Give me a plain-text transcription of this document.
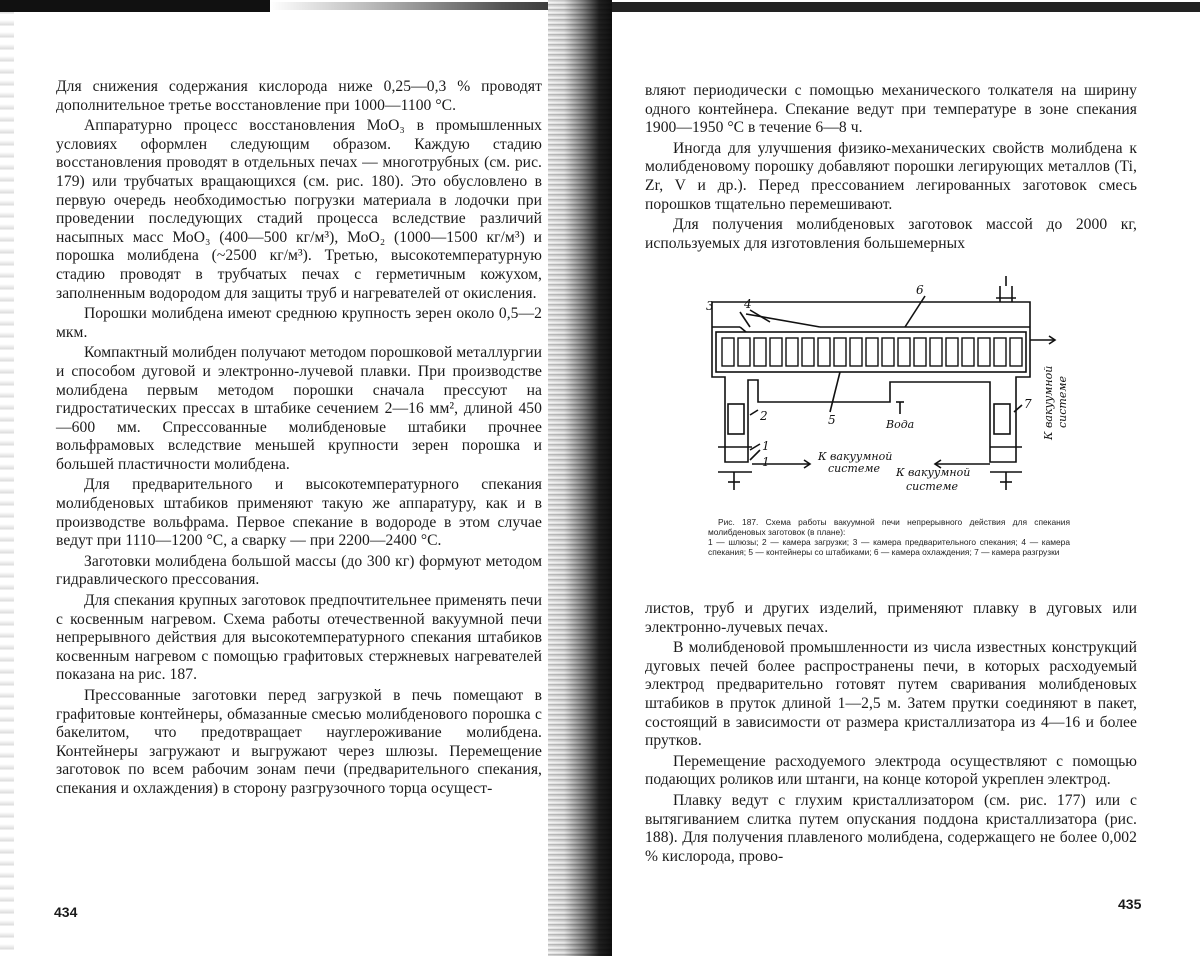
Для снижения содержания кислорода ниже 0,25—0,3 % проводят дополнительное третье восстановление при 1000—1100 °С.

Аппаратурно процесс восстановления МоО₃ в промышленных условиях оформлен следующим образом. Каждую стадию восстановления проводят в отдельных печах — многотрубных (см. рис. 179) или трубчатых вращающихся (см. рис. 180). Это обусловлено в первую очередь необходимостью погрузки материала в лодочки при проведении последующих стадий процесса вследствие различий насыпных масс МоО₃ (400—500 кг/м³), МоО₂ (1000—1500 кг/м³) и порошка молибдена (~2500 кг/м³). Третью, высокотемпературную стадию проводят в трубчатых печах с герметичным кожухом, заполненным водородом для защиты труб и нагревателей от окисления.

Порошки молибдена имеют среднюю крупность зерен около 0,5—2 мкм.

Компактный молибден получают методом порошковой металлургии и способом дуговой и электронно-лучевой плавки. При производстве молибдена первым методом порошки сначала прессуют на гидростатических прессах в штабике сечением 2—16 мм², длиной 450—600 мм. Спрессованные молибденовые штабики прочнее вольфрамовых вследствие меньшей крупности зерен порошка и большей пластичности молибдена.

Для предварительного и высокотемпературного спекания молибденовых штабиков применяют такую же аппаратуру, как и в производстве вольфрама. Первое спекание в водороде в этом случае ведут при 1110—1200 °С, а сварку — при 2200—2400 °С.

Заготовки молибдена большой массы (до 300 кг) формуют методом гидравлического прессования.

Для спекания крупных заготовок предпочтительнее применять печи с косвенным нагревом. Схема работы отечественной вакуумной печи непрерывного действия для высокотемпературного спекания штабиков косвенным нагревом с помощью графитовых стержневых нагревателей показана на рис. 187.

Прессованные заготовки перед загрузкой в печь помещают в графитовые контейнеры, обмазанные смесью молибденового порошка с бакелитом, что предотвращает науглероживание молибдена. Контейнеры загружают и выгружают через шлюзы. Перемещение заготовок по всем рабочим зонам печи (предварительного спекания, спекания и охлаждения) в сторону разгрузочного торца осущест-

434

вляют периодически с помощью механического толкателя на ширину одного контейнера. Спекание ведут при температуре в зоне спекания 1900—1950 °С в течение 6—8 ч.

Иногда для улучшения физико-механических свойств молибдена к молибденовому порошку добавляют порошки легирующих металлов (Ti, Zr, V и др.). Перед прессованием легированных заготовок смесь порошков тщательно перемешивают.

Для получения молибденовых заготовок массой до 2000 кг, используемых для изготовления большемерных

3	4
6
5
2
7
1
1
Вода
К вакуумной
системе К вакуумной
системе
К вакуумной системе
Рис. 187. Схема работы вакуумной печи непрерывного действия для спекания молибденовых заготовок (в плане):
1 — шлюзы; 2 — камера загрузки; 3 — камера предварительного спекания; 4 — камера спекания; 5 — контейнеры со штабиками; 6 — камера охлаждения; 7 — камера разгрузки

листов, труб и других изделий, применяют плавку в дуговых или электронно-лучевых печах.

В молибденовой промышленности из числа известных конструкций дуговых печей более распространены печи, в которых расходуемый электрод предварительно готовят путем сваривания молибденовых штабиков в пруток длиной 1—2,5 м. Затем прутки соединяют в пакет, состоящий в зависимости от размера кристаллизатора из 4—16 и более прутков.

Перемещение расходуемого электрода осуществляют с помощью подающих роликов или штанги, на конце которой укреплен электрод.

Плавку ведут с глухим кристаллизатором (см. рис. 177) или с вытягиванием слитка путем опускания поддона кристаллизатора (рис. 188). Для получения плавленого молибдена, содержащего не более 0,002 % кислорода, прово-

435
